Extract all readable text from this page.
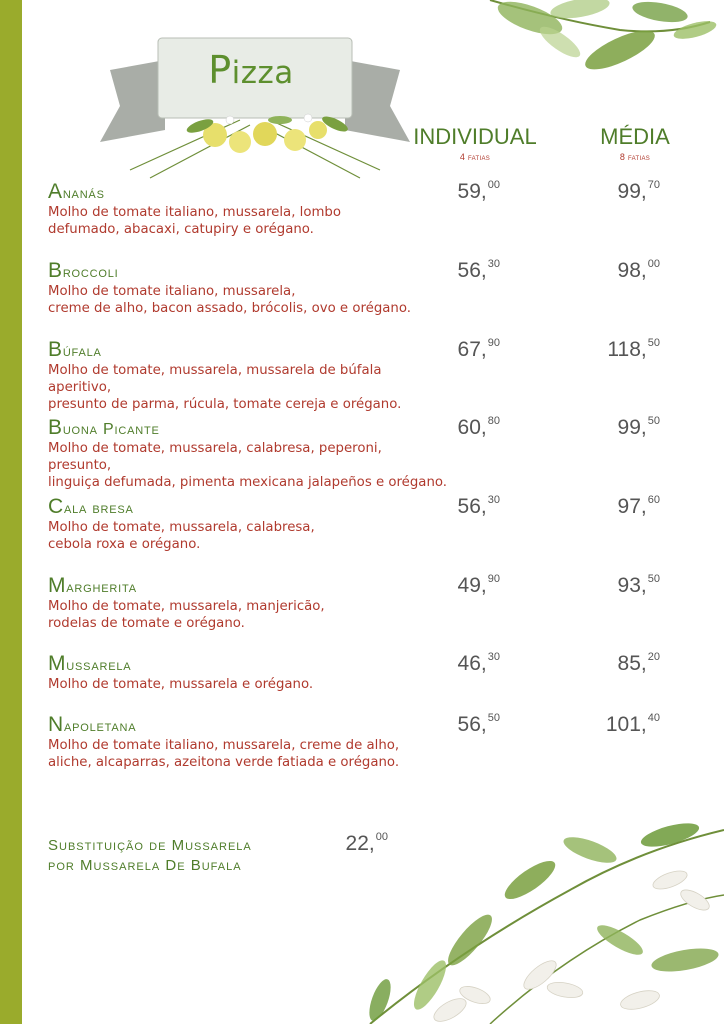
Pizza
INDIVIDUAL
4 fatias
MÉDIA
8 fatias
Ananás
Molho de tomate italiano, mussarela, lombo
defumado, abacaxi, catupiry e orégano.
59,00	99,70
Broccoli
Molho de tomate italiano, mussarela,
creme de alho, bacon assado, brócolis, ovo e orégano.
56,30	98,00
Búfala
Molho de tomate, mussarela, mussarela de búfala aperitivo,
presunto de parma, rúcula, tomate cereja e orégano.
67,90	118,50
Buona Picante
Molho de tomate, mussarela, calabresa, peperoni, presunto,
linguiça defumada, pimenta mexicana jalapeños e orégano.
60,80	99,50
Cala bresa
Molho de tomate, mussarela, calabresa,
cebola roxa e orégano.
56,30	97,60
Margherita
Molho de tomate, mussarela, manjericão,
rodelas de tomate e orégano.
49,90	93,50
Mussarela
Molho de tomate, mussarela e orégano.
46,30	85,20
Napoletana
Molho de tomate italiano, mussarela, creme de alho,
aliche, alcaparras, azeitona verde fatiada e orégano.
56,50	101,40
Substituição de Mussarela
por Mussarela De Bufala
22,00
